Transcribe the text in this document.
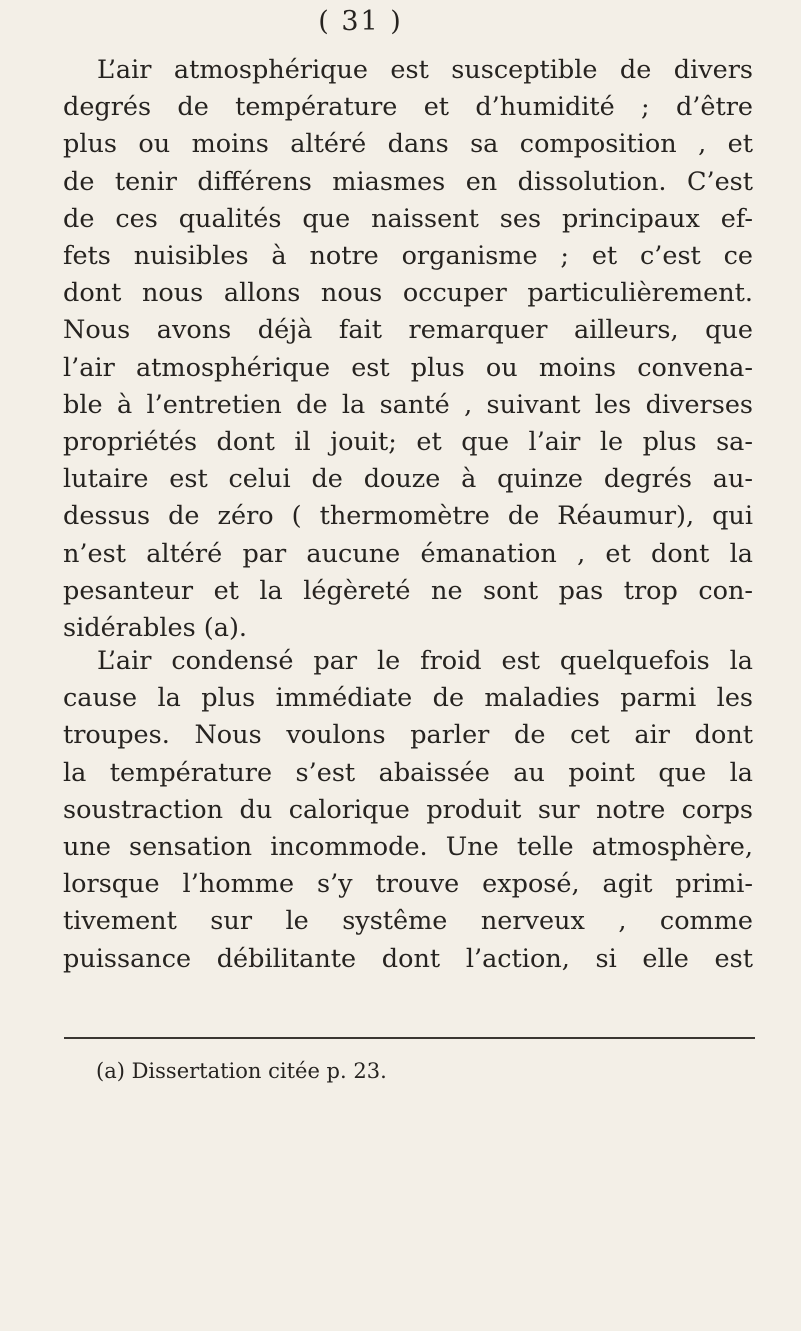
( 31 )
L’air atmosphérique est susceptible de divers
degrés de température et d’humidité ; d’être
plus ou moins altéré dans sa composition , et
de tenir différens miasmes en dissolution. C’est
de ces qualités que naissent ses principaux ef-
fets nuisibles à notre organisme ; et c’est ce
dont nous allons nous occuper particulièrement.
Nous avons déjà fait remarquer ailleurs, que
l’air atmosphérique est plus ou moins convena-
ble à l’entretien de la santé , suivant les diverses
propriétés dont il jouit; et que l’air le plus sa-
lutaire est celui de douze à quinze degrés au-
dessus de zéro ( thermomètre de Réaumur), qui
n’est altéré par aucune émanation , et dont la
pesanteur et la légèreté ne sont pas trop con-
sidérables (a).
L’air condensé par le froid est quelquefois la
cause la plus immédiate de maladies parmi les
troupes. Nous voulons parler de cet air dont
la température s’est abaissée au point que la
soustraction du calorique produit sur notre corps
une sensation incommode. Une telle atmosphère,
lorsque l’homme s’y trouve exposé, agit primi-
tivement sur le systême nerveux , comme
puissance débilitante dont l’action, si elle est
(a) Dissertation citée p. 23.
